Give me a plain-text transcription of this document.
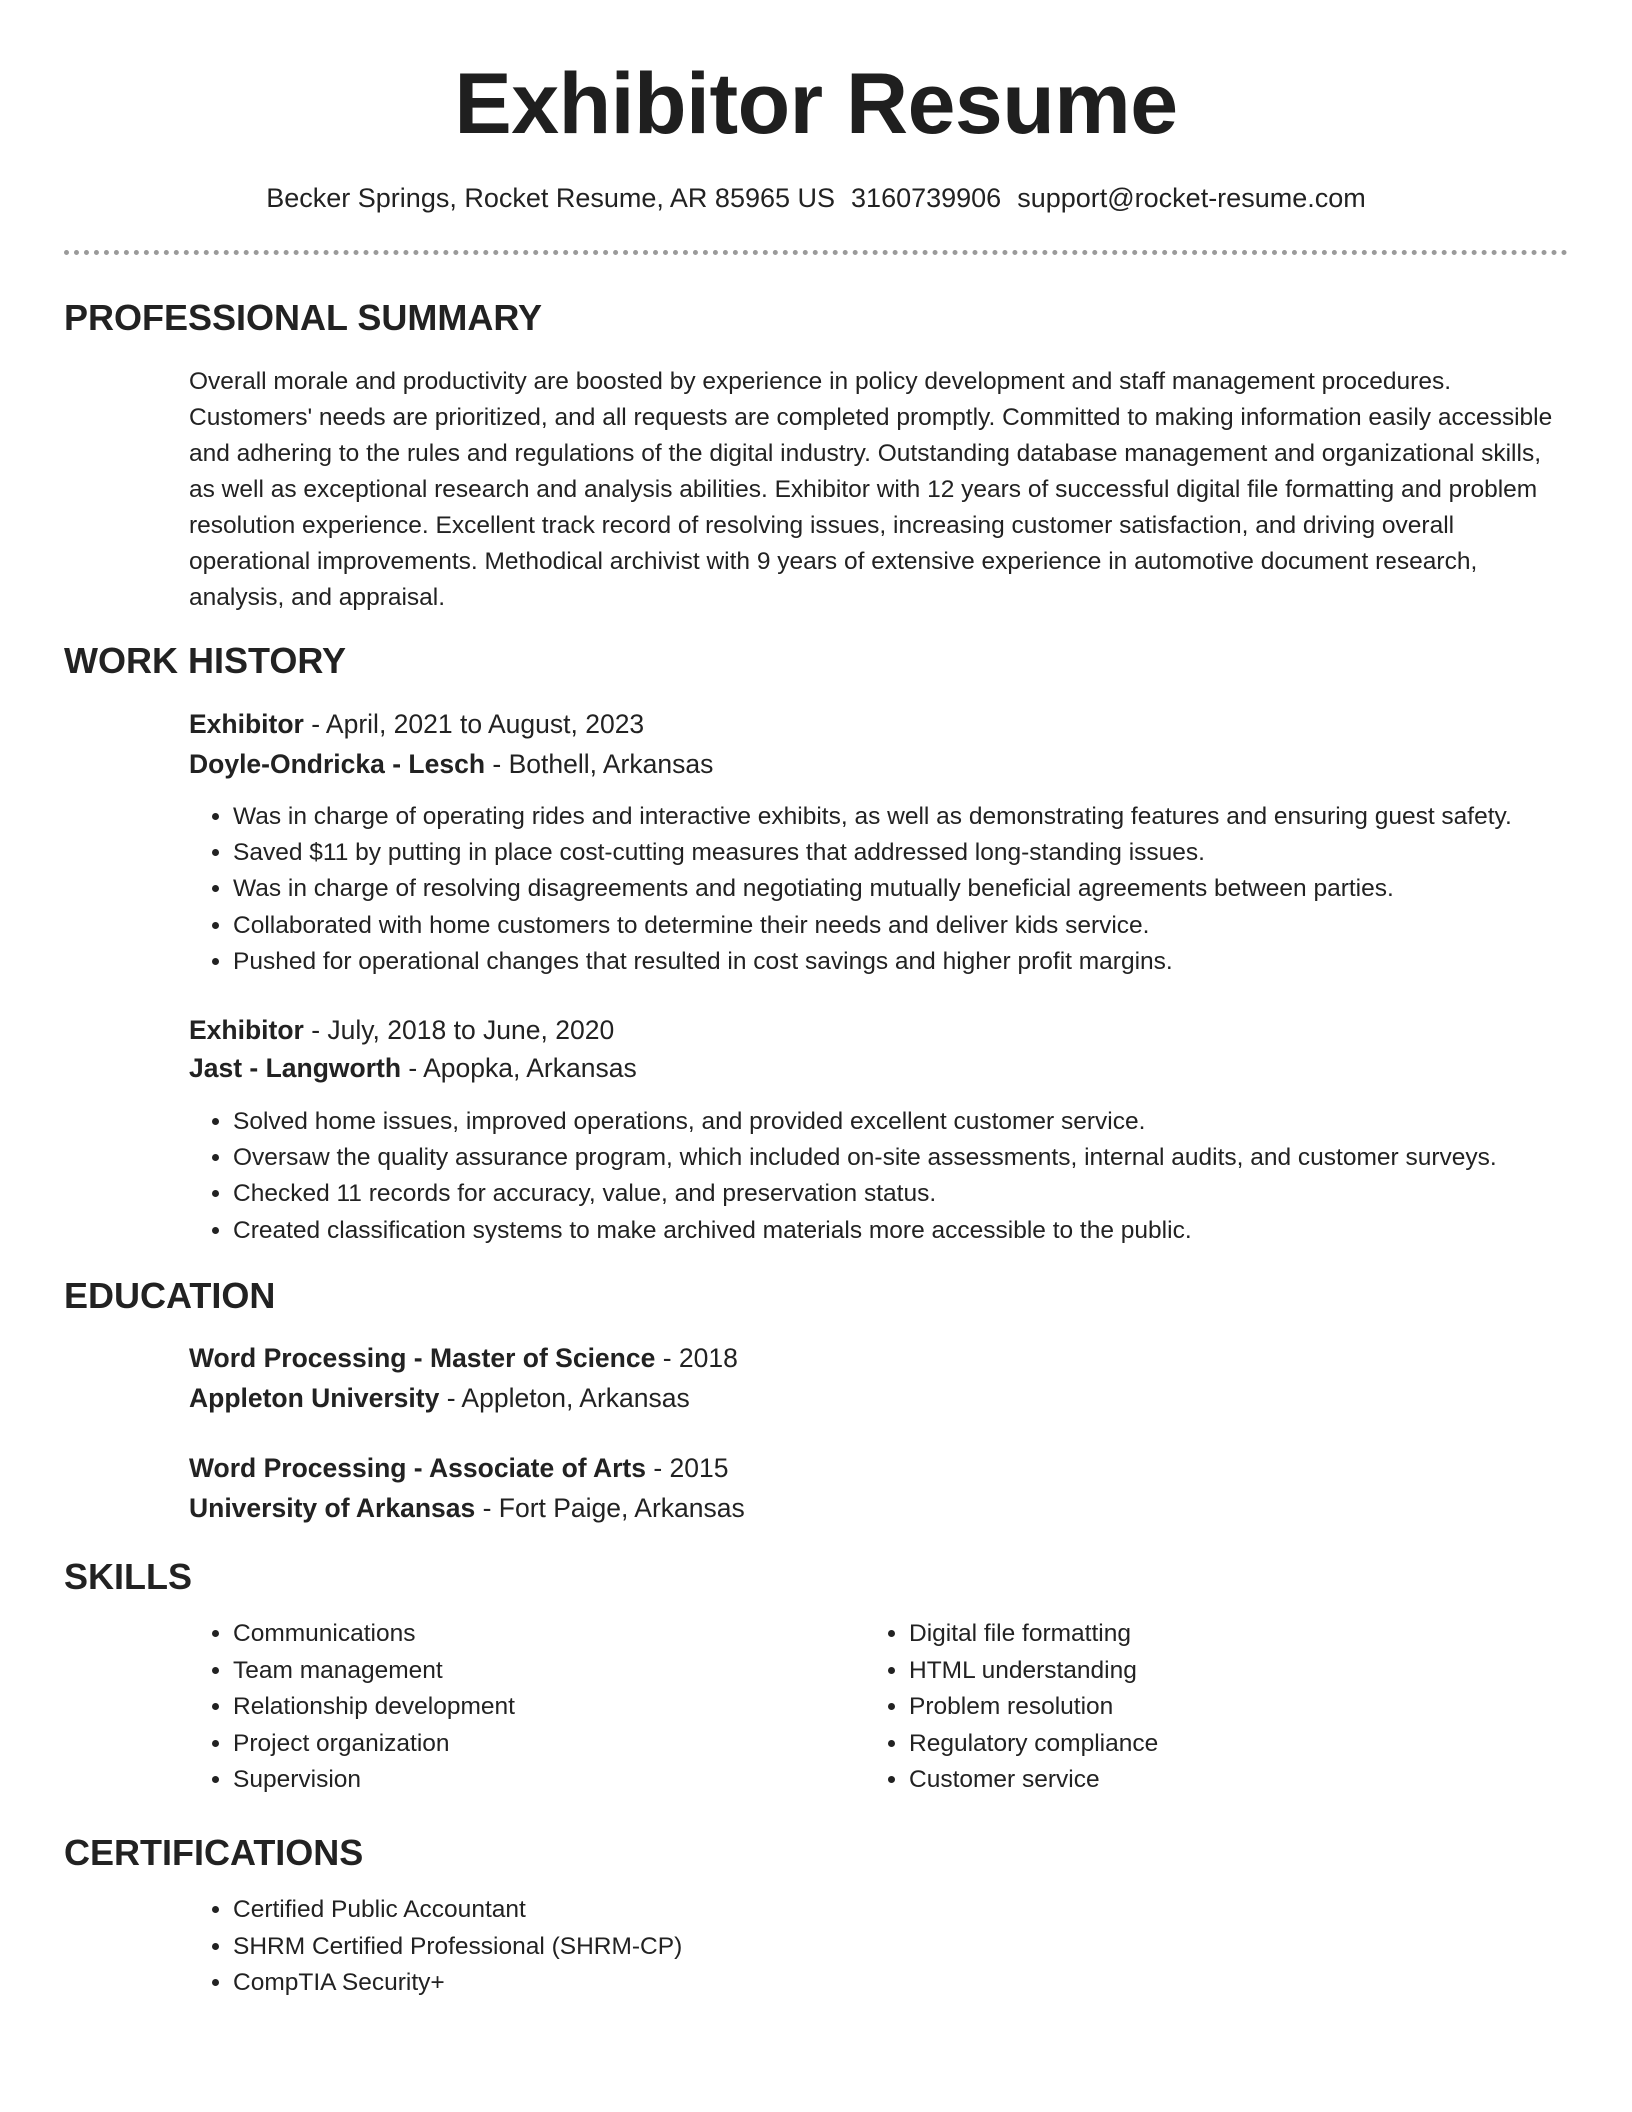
Exhibitor Resume
Becker Springs, Rocket Resume, AR 85965 US 3160739906 support@rocket-resume.com
PROFESSIONAL SUMMARY

Overall morale and productivity are boosted by experience in policy development and staff management procedures. Customers' needs are prioritized, and all requests are completed promptly. Committed to making information easily accessible and adhering to the rules and regulations of the digital industry. Outstanding database management and organizational skills, as well as exceptional research and analysis abilities. Exhibitor with 12 years of successful digital file formatting and problem resolution experience. Excellent track record of resolving issues, increasing customer satisfaction, and driving overall operational improvements. Methodical archivist with 9 years of extensive experience in automotive document research, analysis, and appraisal.

WORK HISTORY
Exhibitor - April, 2021 to August, 2023
Doyle-Ondricka - Lesch - Bothell, Arkansas
• Was in charge of operating rides and interactive exhibits, as well as demonstrating features and ensuring guest safety.
• Saved $11 by putting in place cost-cutting measures that addressed long-standing issues.
• Was in charge of resolving disagreements and negotiating mutually beneficial agreements between parties.
• Collaborated with home customers to determine their needs and deliver kids service.
• Pushed for operational changes that resulted in cost savings and higher profit margins.
Exhibitor - July, 2018 to June, 2020
Jast - Langworth - Apopka, Arkansas
• Solved home issues, improved operations, and provided excellent customer service.
• Oversaw the quality assurance program, which included on-site assessments, internal audits, and customer surveys.
• Checked 11 records for accuracy, value, and preservation status.
• Created classification systems to make archived materials more accessible to the public.
EDUCATION
Word Processing - Master of Science - 2018
Appleton University - Appleton, Arkansas
Word Processing - Associate of Arts - 2015
University of Arkansas - Fort Paige, Arkansas
SKILLS
• Communications
• Team management
• Relationship development
• Project organization
• Supervision
• Digital file formatting
• HTML understanding
• Problem resolution
• Regulatory compliance
• Customer service
CERTIFICATIONS
• Certified Public Accountant
• SHRM Certified Professional (SHRM-CP)
• CompTIA Security+
